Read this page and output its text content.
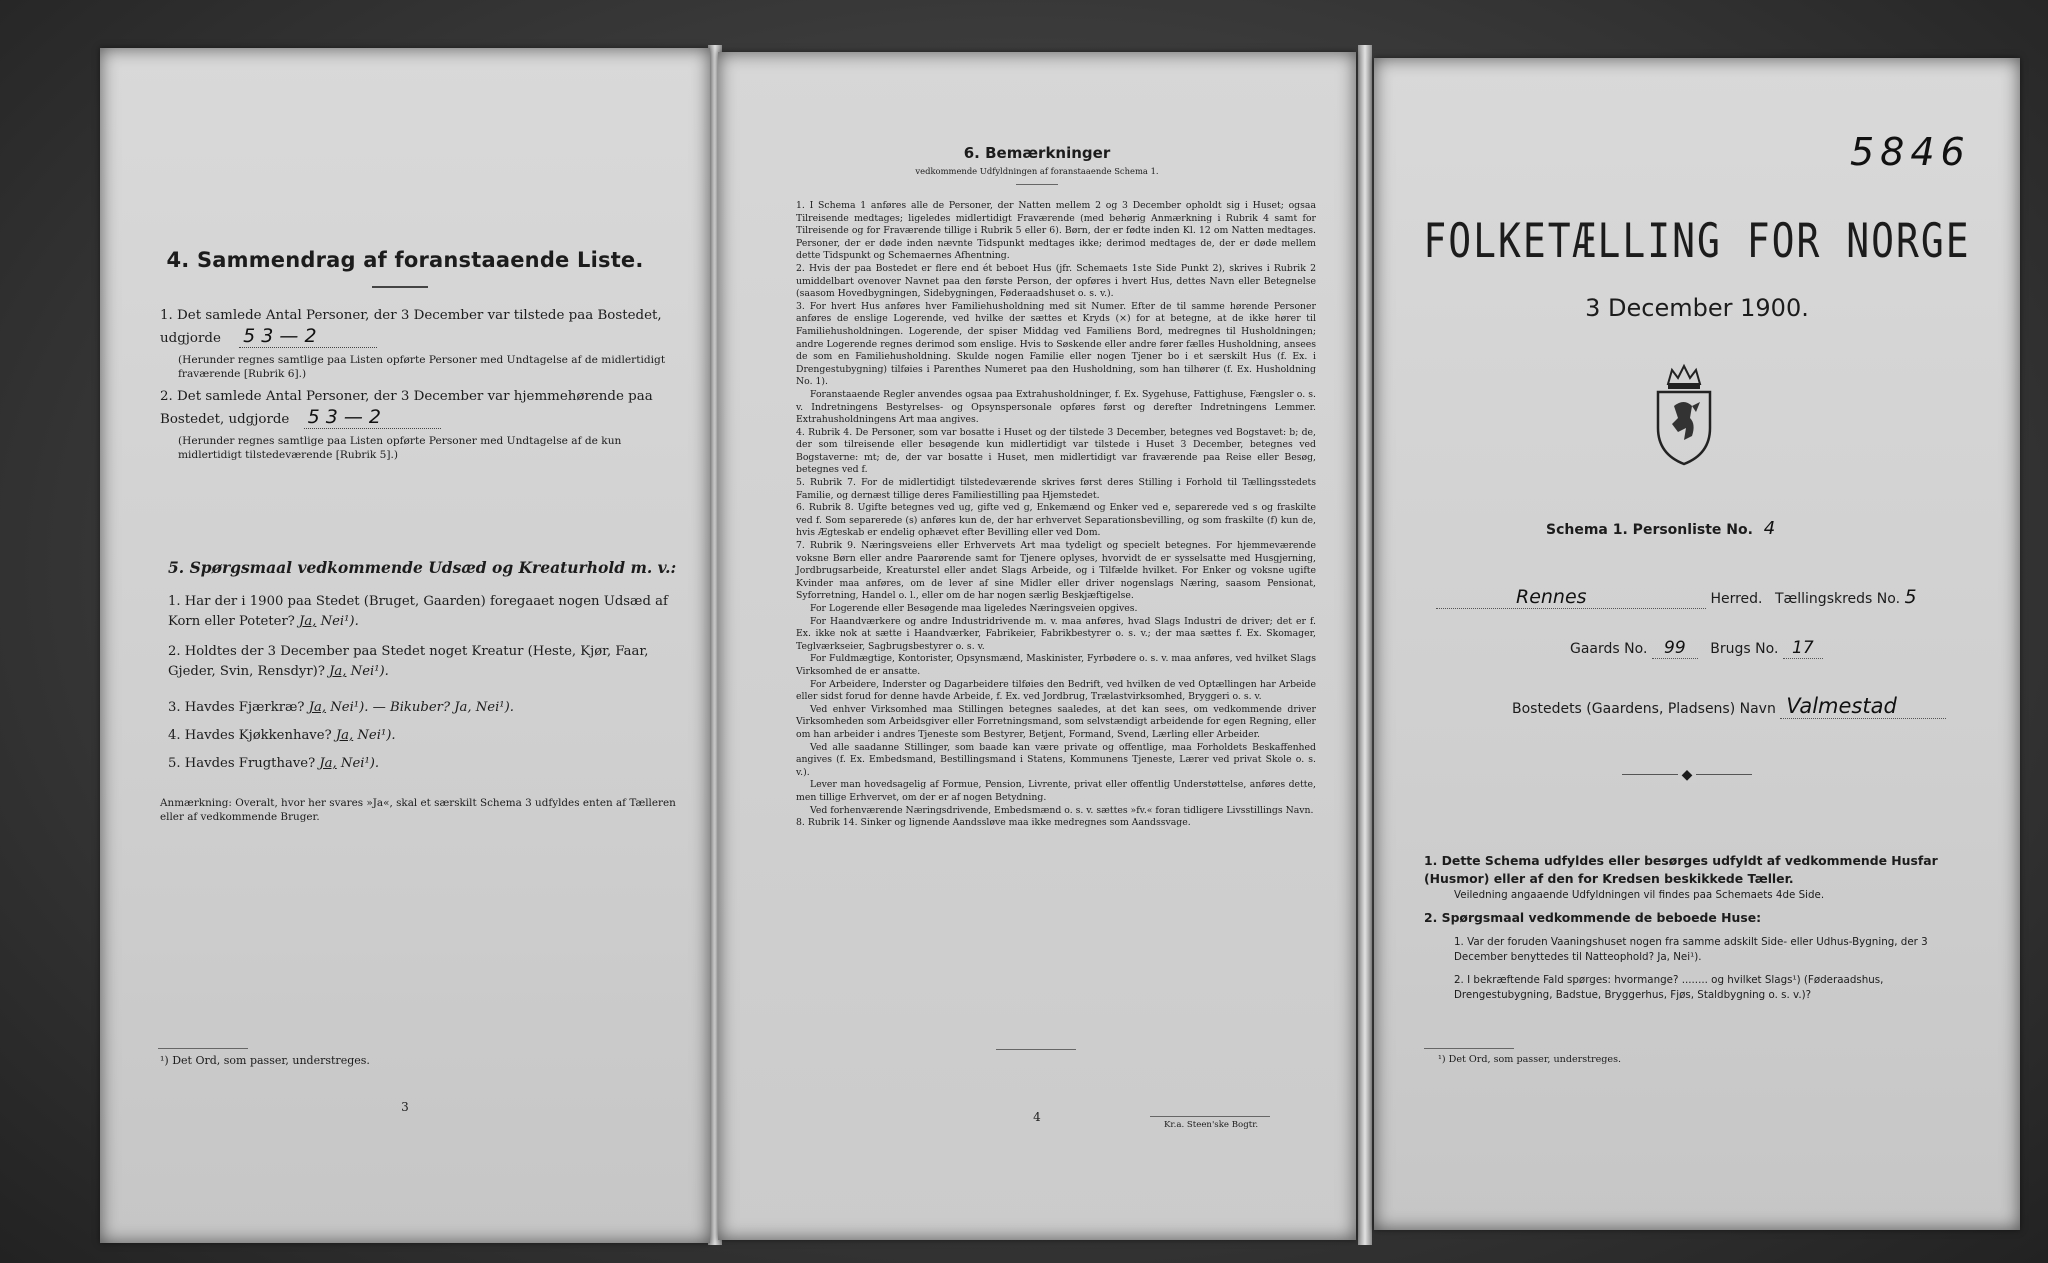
4. Sammendrag af foranstaaende Liste.
1. Det samlede Antal Personer, der 3 December var tilstede paa Bostedet,
udgjorde 5 3 — 2
(Herunder regnes samtlige paa Listen opførte Personer med Undtagelse af de midlertidigt fraværende [Rubrik 6].)
2. Det samlede Antal Personer, der 3 December var hjemmehørende paa
Bostedet, udgjorde 5 3 — 2
(Herunder regnes samtlige paa Listen opførte Personer med Undtagelse af de kun midlertidigt tilstedeværende [Rubrik 5].)
5. Spørgsmaal vedkommende Udsæd og Kreaturhold m. v.:
1. Har der i 1900 paa Stedet (Bruget, Gaarden) foregaaet nogen Udsæd af Korn eller Poteter? Ja, Nei¹).
2. Holdtes der 3 December paa Stedet noget Kreatur (Heste, Kjør, Faar, Gjeder, Svin, Rensdyr)? Ja, Nei¹).
3. Havdes Fjærkræ? Ja, Nei¹). — Bikuber? Ja, Nei¹).
4. Havdes Kjøkkenhave? Ja, Nei¹).
5. Havdes Frugthave? Ja, Nei¹).
Anmærkning: Overalt, hvor her svares »Ja«, skal et særskilt Schema 3 udfyldes enten af Tælleren eller af vedkommende Bruger.
¹) Det Ord, som passer, understreges.
3
6. Bemærkninger
vedkommende Udfyldningen af foranstaaende Schema 1.

1. I Schema 1 anføres alle de Personer, der Natten mellem 2 og 3 December opholdt sig i Huset; ogsaa Tilreisende medtages; ligeledes midlertidigt Fraværende (med behørig Anmærkning i Rubrik 4 samt for Tilreisende og for Fraværende tillige i Rubrik 5 eller 6). Børn, der er fødte inden Kl. 12 om Natten medtages. Personer, der er døde inden nævnte Tidspunkt medtages ikke; derimod medtages de, der er døde mellem dette Tidspunkt og Schemaernes Afhentning.

2. Hvis der paa Bostedet er flere end ét beboet Hus (jfr. Schemaets 1ste Side Punkt 2), skrives i Rubrik 2 umiddelbart ovenover Navnet paa den første Person, der opføres i hvert Hus, dettes Navn eller Betegnelse (saasom Hovedbygningen, Sidebygningen, Føderaadshuset o. s. v.).

3. For hvert Hus anføres hver Familiehusholdning med sit Numer. Efter de til samme hørende Personer anføres de enslige Logerende, ved hvilke der sættes et Kryds (×) for at betegne, at de ikke hører til Familiehusholdningen. Logerende, der spiser Middag ved Familiens Bord, medregnes til Husholdningen; andre Logerende regnes derimod som enslige. Hvis to Søskende eller andre fører fælles Husholdning, ansees de som en Familiehusholdning. Skulde nogen Familie eller nogen Tjener bo i et særskilt Hus (f. Ex. i Drengestubygning) tilføies i Parenthes Numeret paa den Husholdning, som han tilhører (f. Ex. Husholdning No. 1).

Foranstaaende Regler anvendes ogsaa paa Extrahusholdninger, f. Ex. Sygehuse, Fattighuse, Fængsler o. s. v. Indretningens Bestyrelses- og Opsynspersonale opføres først og derefter Indretningens Lemmer. Extrahusholdningens Art maa angives.

4. Rubrik 4. De Personer, som var bosatte i Huset og der tilstede 3 December, betegnes ved Bogstavet: b; de, der som tilreisende eller besøgende kun midlertidigt var tilstede i Huset 3 December, betegnes ved Bogstaverne: mt; de, der var bosatte i Huset, men midlertidigt var fraværende paa Reise eller Besøg, betegnes ved f.

5. Rubrik 7. For de midlertidigt tilstedeværende skrives først deres Stilling i Forhold til Tællingsstedets Familie, og dernæst tillige deres Familiestilling paa Hjemstedet.

6. Rubrik 8. Ugifte betegnes ved ug, gifte ved g, Enkemænd og Enker ved e, separerede ved s og fraskilte ved f. Som separerede (s) anføres kun de, der har erhvervet Separationsbevilling, og som fraskilte (f) kun de, hvis Ægteskab er endelig ophævet efter Bevilling eller ved Dom.

7. Rubrik 9. Næringsveiens eller Erhvervets Art maa tydeligt og specielt betegnes. For hjemmeværende voksne Børn eller andre Paarørende samt for Tjenere oplyses, hvorvidt de er sysselsatte med Husgjerning, Jordbrugsarbeide, Kreaturstel eller andet Slags Arbeide, og i Tilfælde hvilket. For Enker og voksne ugifte Kvinder maa anføres, om de lever af sine Midler eller driver nogenslags Næring, saasom Pensionat, Syforretning, Handel o. l., eller om de har nogen særlig Beskjæftigelse.

For Logerende eller Besøgende maa ligeledes Næringsveien opgives.

For Haandværkere og andre Industridrivende m. v. maa anføres, hvad Slags Industri de driver; det er f. Ex. ikke nok at sætte i Haandværker, Fabrikeier, Fabrikbestyrer o. s. v.; der maa sættes f. Ex. Skomager, Teglværkseier, Sagbrugsbestyrer o. s. v.

For Fuldmægtige, Kontorister, Opsynsmænd, Maskinister, Fyrbødere o. s. v. maa anføres, ved hvilket Slags Virksomhed de er ansatte.

For Arbeidere, Inderster og Dagarbeidere tilføies den Bedrift, ved hvilken de ved Optællingen har Arbeide eller sidst forud for denne havde Arbeide, f. Ex. ved Jordbrug, Trælastvirksomhed, Bryggeri o. s. v.

Ved enhver Virksomhed maa Stillingen betegnes saaledes, at det kan sees, om vedkommende driver Virksomheden som Arbeidsgiver eller Forretningsmand, som selvstændigt arbeidende for egen Regning, eller om han arbeider i andres Tjeneste som Bestyrer, Betjent, Formand, Svend, Lærling eller Arbeider.

Ved alle saadanne Stillinger, som baade kan være private og offentlige, maa Forholdets Beskaffenhed angives (f. Ex. Embedsmand, Bestillingsmand i Statens, Kommunens Tjeneste, Lærer ved privat Skole o. s. v.).

Lever man hovedsagelig af Formue, Pension, Livrente, privat eller offentlig Understøttelse, anføres dette, men tillige Erhvervet, om der er af nogen Betydning.

Ved forhenværende Næringsdrivende, Embedsmænd o. s. v. sættes »fv.« foran tidligere Livsstillings Navn.

8. Rubrik 14. Sinker og lignende Aandssløve maa ikke medregnes som Aandssvage.

4
Kr.a. Steen'ske Bogtr.
5846
FOLKETÆLLING FOR NORGE
3 December 1900.
Schema 1. Personliste No. 4
Rennes	Herred. Tællingskreds No. 5
Gaards No. 99 Brugs No. 17
Bostedets (Gaardens, Pladsens) Navn Valmestad
◆
1. Dette Schema udfyldes eller besørges udfyldt af vedkommende Husfar (Husmor) eller af den for Kredsen beskikkede Tæller.
Veiledning angaaende Udfyldningen vil findes paa Schemaets 4de Side.
2. Spørgsmaal vedkommende de beboede Huse:
1. Var der foruden Vaaningshuset nogen fra samme adskilt Side- eller Udhus-Bygning, der 3 December benyttedes til Natteophold? Ja, Nei¹).
2. I bekræftende Fald spørges: hvormange? ........ og hvilket Slags¹) (Føderaadshus, Drengestubygning, Badstue, Bryggerhus, Fjøs, Staldbygning o. s. v.)?
¹) Det Ord, som passer, understreges.
